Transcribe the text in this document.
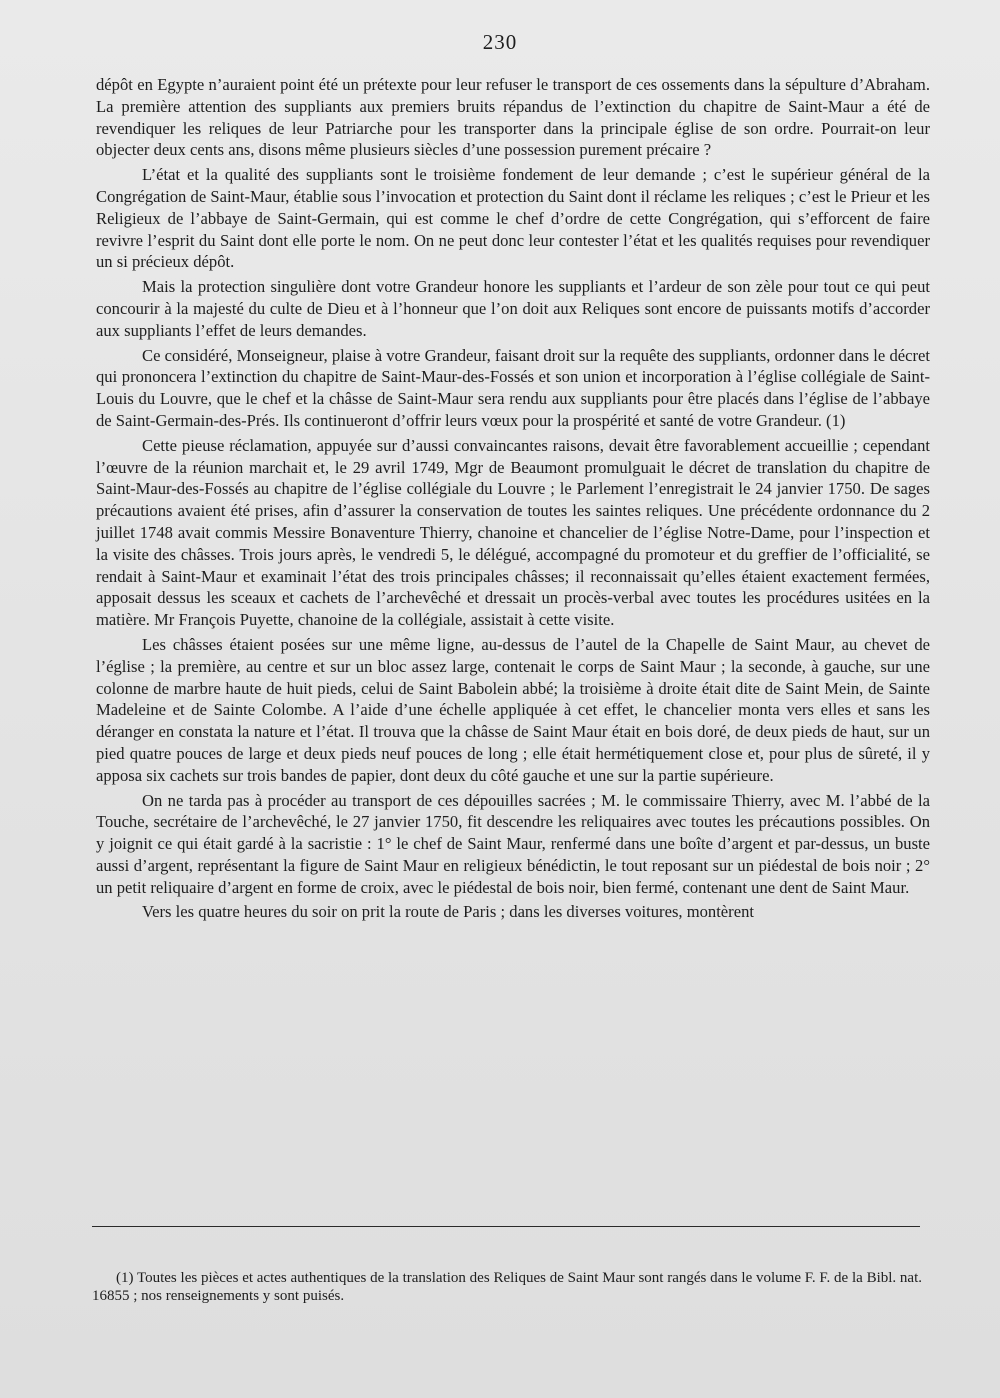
230

dépôt en Egypte n’auraient point été un prétexte pour leur refuser le transport de ces ossements dans la sépulture d’Abraham. La première attention des suppliants aux premiers bruits répandus de l’extinction du chapitre de Saint-Maur a été de revendiquer les reliques de leur Patriarche pour les transporter dans la principale église de son ordre. Pourrait-on leur objecter deux cents ans, disons même plusieurs siècles d’une possession purement précaire ?

L’état et la qualité des suppliants sont le troisième fondement de leur demande ; c’est le supérieur général de la Congrégation de Saint-Maur, établie sous l’invocation et protection du Saint dont il réclame les reliques ; c’est le Prieur et les Religieux de l’abbaye de Saint-Germain, qui est comme le chef d’ordre de cette Congrégation, qui s’efforcent de faire revivre l’esprit du Saint dont elle porte le nom. On ne peut donc leur contester l’état et les qualités requises pour revendiquer un si précieux dépôt.

Mais la protection singulière dont votre Grandeur honore les suppliants et l’ardeur de son zèle pour tout ce qui peut concourir à la majesté du culte de Dieu et à l’honneur que l’on doit aux Reliques sont encore de puissants motifs d’accorder aux suppliants l’effet de leurs demandes.

Ce considéré, Monseigneur, plaise à votre Grandeur, faisant droit sur la requête des suppliants, ordonner dans le décret qui prononcera l’extinction du chapitre de Saint-Maur-des-Fossés et son union et incorporation à l’église collégiale de Saint-Louis du Louvre, que le chef et la châsse de Saint-Maur sera rendu aux suppliants pour être placés dans l’église de l’abbaye de Saint-Germain-des-Prés. Ils continueront d’offrir leurs vœux pour la prospérité et santé de votre Grandeur. (1)

Cette pieuse réclamation, appuyée sur d’aussi convaincantes raisons, devait être favorablement accueillie ; cependant l’œuvre de la réunion marchait et, le 29 avril 1749, Mgr de Beaumont promulguait le décret de translation du chapitre de Saint-Maur-des-Fossés au chapitre de l’église collégiale du Louvre ; le Parlement l’enregistrait le 24 janvier 1750. De sages précautions avaient été prises, afin d’assurer la conservation de toutes les saintes reliques. Une précédente ordonnance du 2 juillet 1748 avait commis Messire Bonaventure Thierry, chanoine et chancelier de l’église Notre-Dame, pour l’inspection et la visite des châsses. Trois jours après, le vendredi 5, le délégué, accompagné du promoteur et du greffier de l’officialité, se rendait à Saint-Maur et examinait l’état des trois principales châsses; il reconnaissait qu’elles étaient exactement fermées, apposait dessus les sceaux et cachets de l’archevêché et dressait un procès-verbal avec toutes les procédures usitées en la matière. Mr François Puyette, chanoine de la collégiale, assistait à cette visite.

Les châsses étaient posées sur une même ligne, au-dessus de l’autel de la Chapelle de Saint Maur, au chevet de l’église ; la première, au centre et sur un bloc assez large, contenait le corps de Saint Maur ; la seconde, à gauche, sur une colonne de marbre haute de huit pieds, celui de Saint Babolein abbé; la troisième à droite était dite de Saint Mein, de Sainte Madeleine et de Sainte Colombe. A l’aide d’une échelle appliquée à cet effet, le chancelier monta vers elles et sans les déranger en constata la nature et l’état. Il trouva que la châsse de Saint Maur était en bois doré, de deux pieds de haut, sur un pied quatre pouces de large et deux pieds neuf pouces de long ; elle était hermétiquement close et, pour plus de sûreté, il y apposa six cachets sur trois bandes de papier, dont deux du côté gauche et une sur la partie supérieure.

On ne tarda pas à procéder au transport de ces dépouilles sacrées ; M. le commissaire Thierry, avec M. l’abbé de la Touche, secrétaire de l’archevêché, le 27 janvier 1750, fit descendre les reliquaires avec toutes les précautions possibles. On y joignit ce qui était gardé à la sacristie : 1° le chef de Saint Maur, renfermé dans une boîte d’argent et par-dessus, un buste aussi d’argent, représentant la figure de Saint Maur en religieux bénédictin, le tout reposant sur un piédestal de bois noir ; 2° un petit reliquaire d’argent en forme de croix, avec le piédestal de bois noir, bien fermé, contenant une dent de Saint Maur.

Vers les quatre heures du soir on prit la route de Paris ; dans les diverses voitures, montèrent

(1) Toutes les pièces et actes authentiques de la translation des Reliques de Saint Maur sont rangés dans le volume F. F. de la Bibl. nat. 16855 ; nos renseignements y sont puisés.
